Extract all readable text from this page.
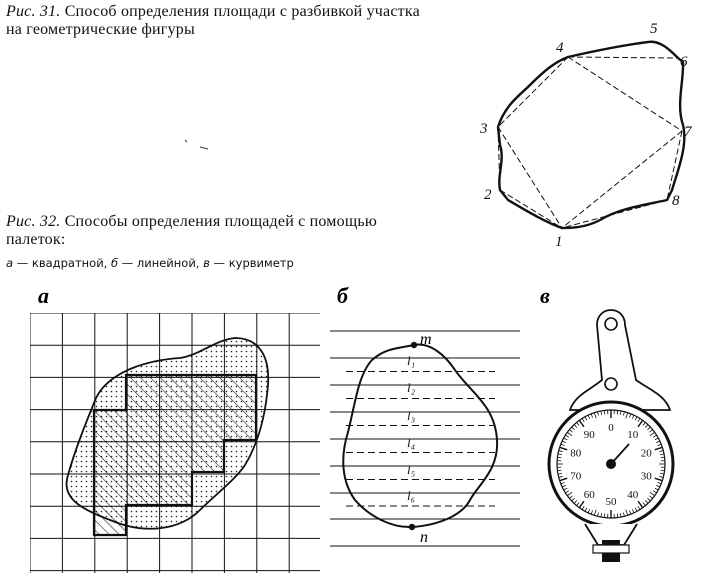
Рис. 31. Способ определения площади с разбивкой участка на геометрические фигуры
Рис. 32. Способы определения площадей с помощью палеток:
а — квадратной, б — линейной, в — курвиметр
1
2
3
4
5
6
7
8
а	б
m
n
l₁
l₂
l₃
l₄
l₅
l₆
в
0
10
20
30
40
50
60
70
80
90
